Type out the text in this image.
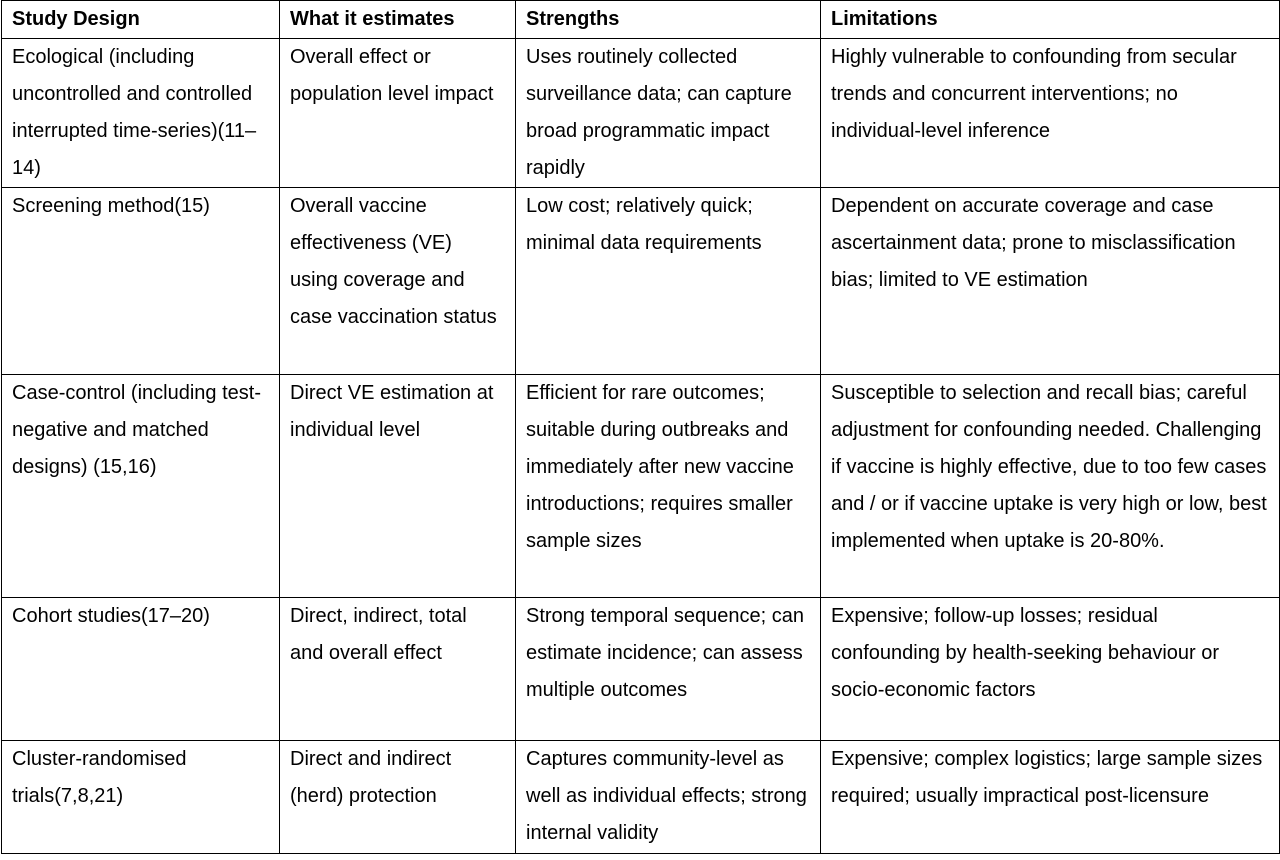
Study Design	What it estimates	Strengths	Limitations
Ecological (including uncontrolled and controlled interrupted time-series)(11–14)	Overall effect or population level impact	Uses routinely collected surveillance data; can capture broad programmatic impact rapidly	Highly vulnerable to confounding from secular trends and concurrent interventions; no individual-level inference
Screening method(15)	Overall vaccine effectiveness (VE) using coverage and case vaccination status	Low cost; relatively quick; minimal data requirements	Dependent on accurate coverage and case ascertainment data; prone to misclassification bias; limited to VE estimation
Case-control (including test-negative and matched designs) (15,16)	Direct VE estimation at individual level	Efficient for rare outcomes; suitable during outbreaks and immediately after new vaccine introductions; requires smaller sample sizes	Susceptible to selection and recall bias; careful adjustment for confounding needed. Challenging if vaccine is highly effective, due to too few cases and / or if vaccine uptake is very high or low, best implemented when uptake is 20-80%.
Cohort studies(17–20)	Direct, indirect, total and overall effect	Strong temporal sequence; can estimate incidence; can assess multiple outcomes	Expensive; follow-up losses; residual confounding by health-seeking behaviour or socio-economic factors
Cluster-randomised trials(7,8,21)	Direct and indirect (herd) protection	Captures community-level as well as individual effects; strong internal validity	Expensive; complex logistics; large sample sizes required; usually impractical post-licensure
